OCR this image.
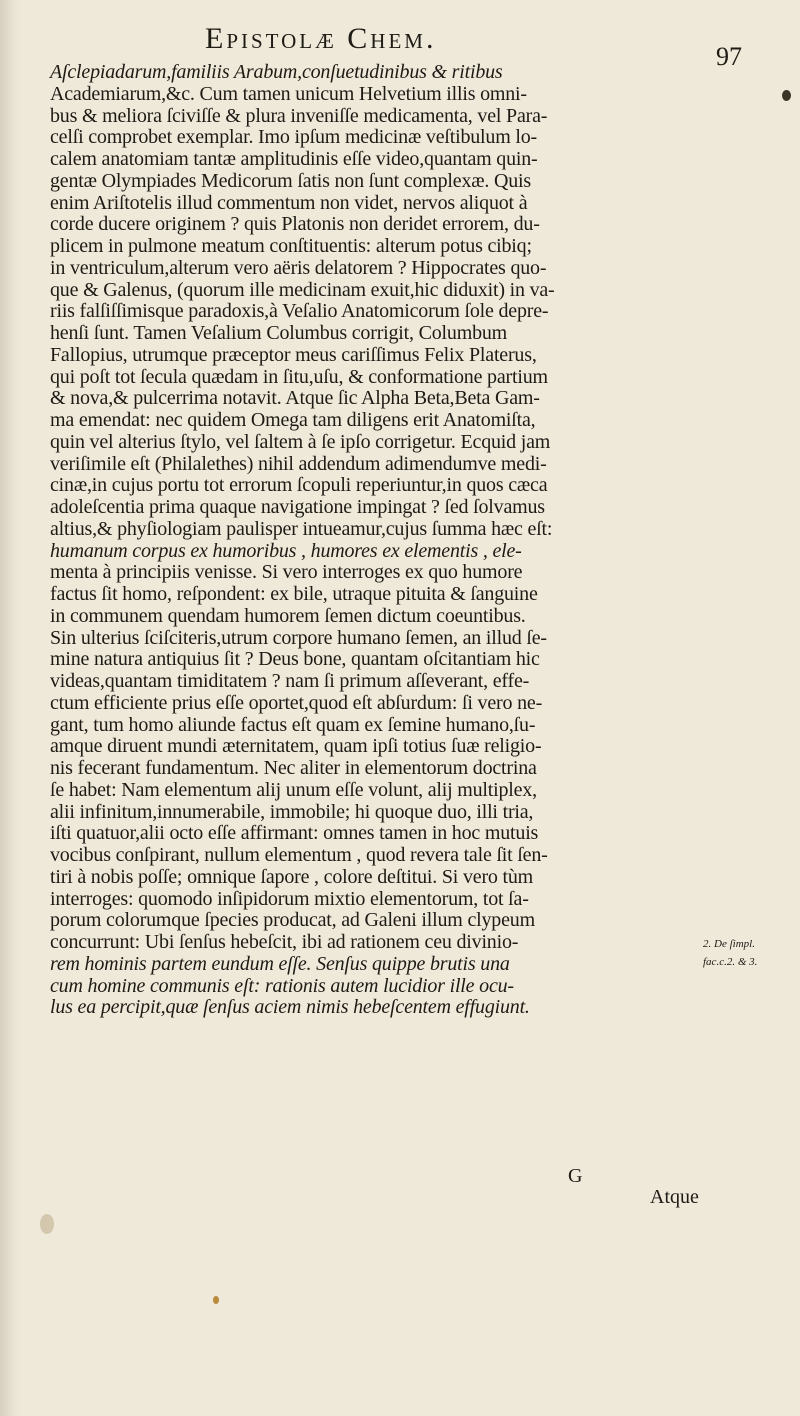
Epistolæ Chem.
97
Aſclepiadarum,familiis Arabum,conſuetudinibus & ritibus
Academiarum,&c. Cum tamen unicum Helvetium illis omni-
bus & meliora ſciviſſe & plura inveniſſe medicamenta, vel Para-
celſi comprobet exemplar. Imo ipſum medicinæ veſtibulum lo-
calem anatomiam tantæ amplitudinis eſſe video,quantam quin-
gentæ Olympiades Medicorum ſatis non ſunt complexæ. Quis
enim Ariſtotelis illud commentum non videt, nervos aliquot à
corde ducere originem ? quis Platonis non deridet errorem, du-
plicem in pulmone meatum conſtituentis: alterum potus cibiq;
in ventriculum,alterum vero aëris delatorem ? Hippocrates quo-
que & Galenus, (quorum ille medicinam exuit,hic diduxit) in va-
riis falſiſſimisque paradoxis,à Veſalio Anatomicorum ſole depre-
henſi ſunt. Tamen Veſalium Columbus corrigit, Columbum
Fallopius, utrumque præceptor meus cariſſimus Felix Platerus,
qui poſt tot ſecula quædam in ſitu,uſu, & conformatione partium
& nova,& pulcerrima notavit. Atque ſic Alpha Beta,Beta Gam-
ma emendat: nec quidem Omega tam diligens erit Anatomiſta,
quin vel alterius ſtylo, vel ſaltem à ſe ipſo corrigetur. Ecquid jam
veriſimile eſt (Philalethes) nihil addendum adimendumve medi-
cinæ,in cujus portu tot errorum ſcopuli reperiuntur,in quos cæca
adoleſcentia prima quaque navigatione impingat ? ſed ſolvamus
altius,& phyſiologiam paulisper intueamur,cujus ſumma hæc eſt:
humanum corpus ex humoribus , humores ex elementis , ele-
menta à principiis venisse. Si vero interroges ex quo humore
factus ſit homo, reſpondent: ex bile, utraque pituita & ſanguine
in communem quendam humorem ſemen dictum coeuntibus.
Sin ulterius ſciſciteris,utrum corpore humano ſemen, an illud ſe-
mine natura antiquius ſit ? Deus bone, quantam oſcitantiam hic
videas,quantam timiditatem ? nam ſi primum aſſeverant, effe-
ctum efficiente prius eſſe oportet,quod eſt abſurdum: ſi vero ne-
gant, tum homo aliunde factus eſt quam ex ſemine humano,ſu-
amque diruent mundi æternitatem, quam ipſi totius ſuæ religio-
nis fecerant fundamentum. Nec aliter in elementorum doctrina
ſe habet: Nam elementum alij unum eſſe volunt, alij multiplex,
alii infinitum,innumerabile, immobile; hi quoque duo, illi tria,
iſti quatuor,alii octo eſſe affirmant: omnes tamen in hoc mutuis
vocibus conſpirant, nullum elementum , quod revera tale ſit ſen-
tiri à nobis poſſe; omnique ſapore , colore deſtitui. Si vero tùm
interroges: quomodo inſipidorum mixtio elementorum, tot ſa-
porum colorumque ſpecies producat, ad Galeni illum clypeum
concurrunt: Ubi ſenſus hebeſcit, ibi ad rationem ceu divinio-
rem hominis partem eundum eſſe. Senſus quippe brutis una
cum homine communis eſt: rationis autem lucidior ille ocu-
lus ea percipit,quæ ſenſus aciem nimis hebeſcentem effugiunt.
2. De ſimpl.
fac.c.2. & 3.
G
Atque
